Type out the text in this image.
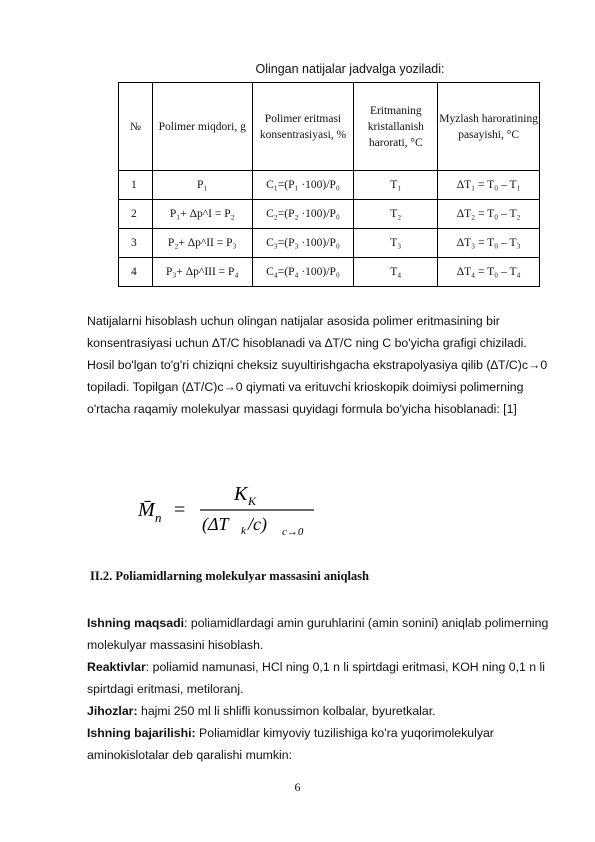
Olingan natijalar jadvalga yoziladi:
№	Polimer miqdori, g	Polimer eritmasi konsentrasiyasi, %	Eritmaning kristallanish harorati, °C	Myzlash haroratining pasayishi, °C
1	P₁	C₁=(P₁ ·100)/P₀	T₁	ΔT₁ = T₀ – T₁
2	P₁+ Δp^I = P₂	C₂=(P₂ ·100)/P₀	T₂	ΔT₂ = T₀ – T₂
3	P₂+ Δp^II = P₃	C₃=(P₃ ·100)/P₀	T₃	ΔT₃ = T₀ – T₃
4	P₃+ Δp^III = P₄	C₄=(P₄ ·100)/P₀	T₄	ΔT₄ = T₀ – T₄
Natijalarni hisoblash uchun olingan natijalar asosida polimer eritmasining bir konsentrasiyasi uchun ∆T/C hisoblanadi va ∆T/C ning C bo'yicha grafigi chiziladi. Hosil bo'lgan to'g'ri chiziqni cheksiz suyultirishgacha ekstrapolyasiya qilib (∆T/C)c→0 topiladi. Topilgan (∆T/C)c→0 qiymati va erituvchi krioskopik doimiysi polimerning o'rtacha raqamiy molekulyar massasi quyidagi formula bo'yicha hisoblanadi: [1]
M̄ n =
K K
(ΔT k /c) c→0
II.2. Poliamidlarning molekulyar massasini aniqlash
Ishning maqsadi: poliamidlardagi amin guruhlarini (amin sonini) aniqlab polimerning molekulyar massasini hisoblash.
Reaktivlar: poliamid namunasi, HCl ning 0,1 n li spirtdagi eritmasi, KOH ning 0,1 n li spirtdagi eritmasi, metiloranj.
Jihozlar: hajmi 250 ml li shlifli konussimon kolbalar, byuretkalar.
Ishning bajarilishi: Poliamidlar kimyoviy tuzilishiga ko'ra yuqorimolekulyar aminokislotalar deb qaralishi mumkin:
6
